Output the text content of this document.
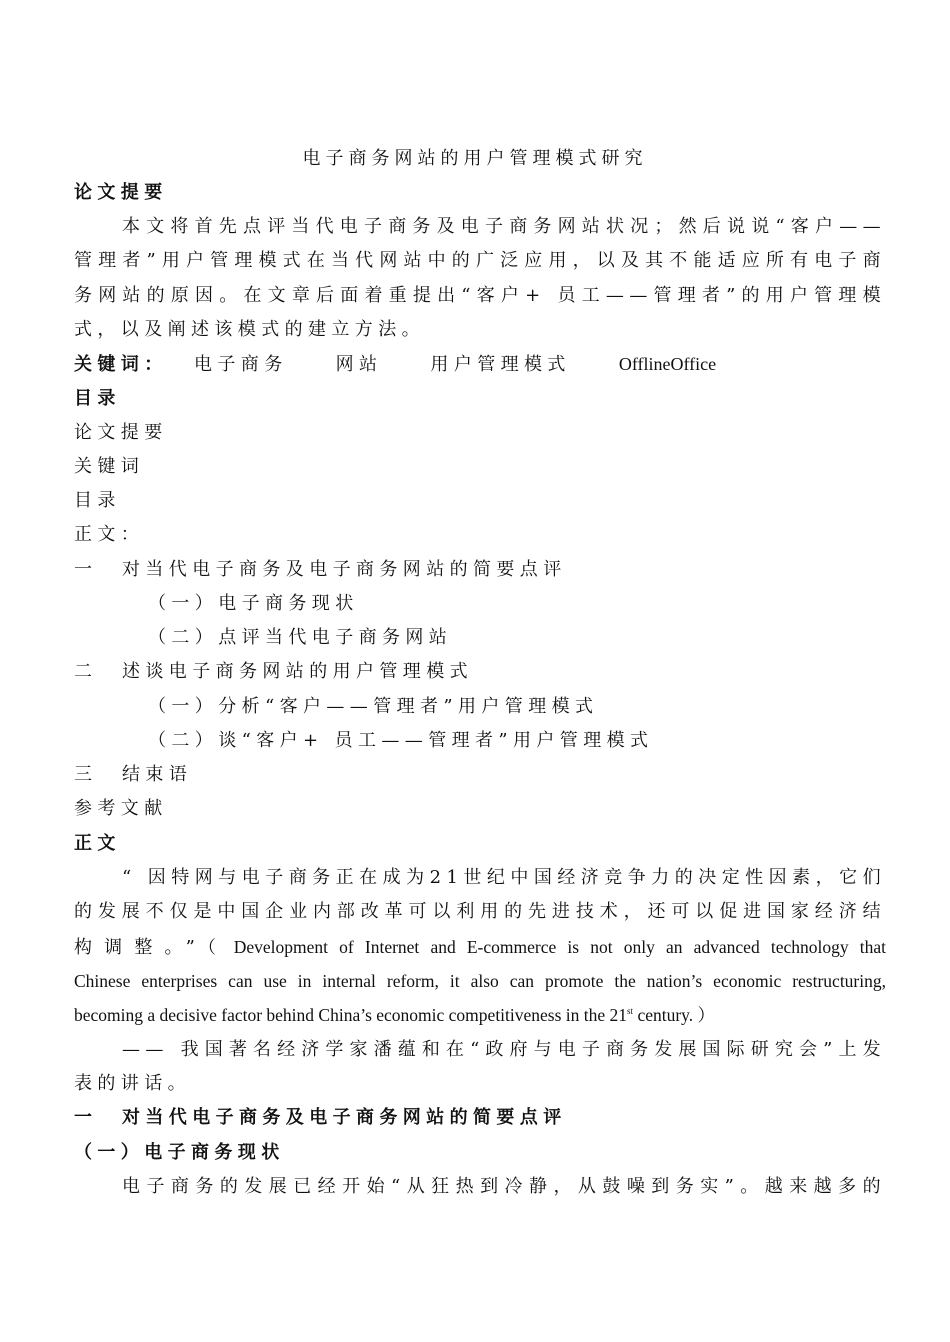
电子商务网站的用户管理模式研究
论文提要
本文将首先点评当代电子商务及电子商务网站状况；然后说说“客户——
管理者”用户管理模式在当代网站中的广泛应用，以及其不能适应所有电子商
务网站的原因。在文章后面着重提出“客户+ 员工——管理者”的用户管理模
式，以及阐述该模式的建立方法。
关键词： 电子商务	网站	用户管理模式	OfflineOffice
目录
论文提要
关键词
目录
正文：
一 对当代电子商务及电子商务网站的简要点评
（一）电子商务现状
（二）点评当代电子商务网站
二 述谈电子商务网站的用户管理模式
（一）分析“客户——管理者”用户管理模式
（二）谈“客户+ 员工——管理者”用户管理模式
三 结束语
参考文献
正文
“ 因特网与电子商务正在成为21世纪中国经济竞争力的决定性因素，它们
的发展不仅是中国企业内部改革可以利用的先进技术，还可以促进国家经济结
构调整。”（ Development of Internet and E-commerce is not only an advanced technology that
Chinese enterprises can use in internal reform, it also can promote the nation’s economic restructuring,
becoming a decisive factor behind China’s economic competitiveness in the 21st century. ）
—— 我国著名经济学家潘蕴和在“政府与电子商务发展国际研究会”上发
表的讲话。
一 对当代电子商务及电子商务网站的简要点评
（一）电子商务现状
电子商务的发展已经开始“从狂热到冷静，从鼓噪到务实”。越来越多的
